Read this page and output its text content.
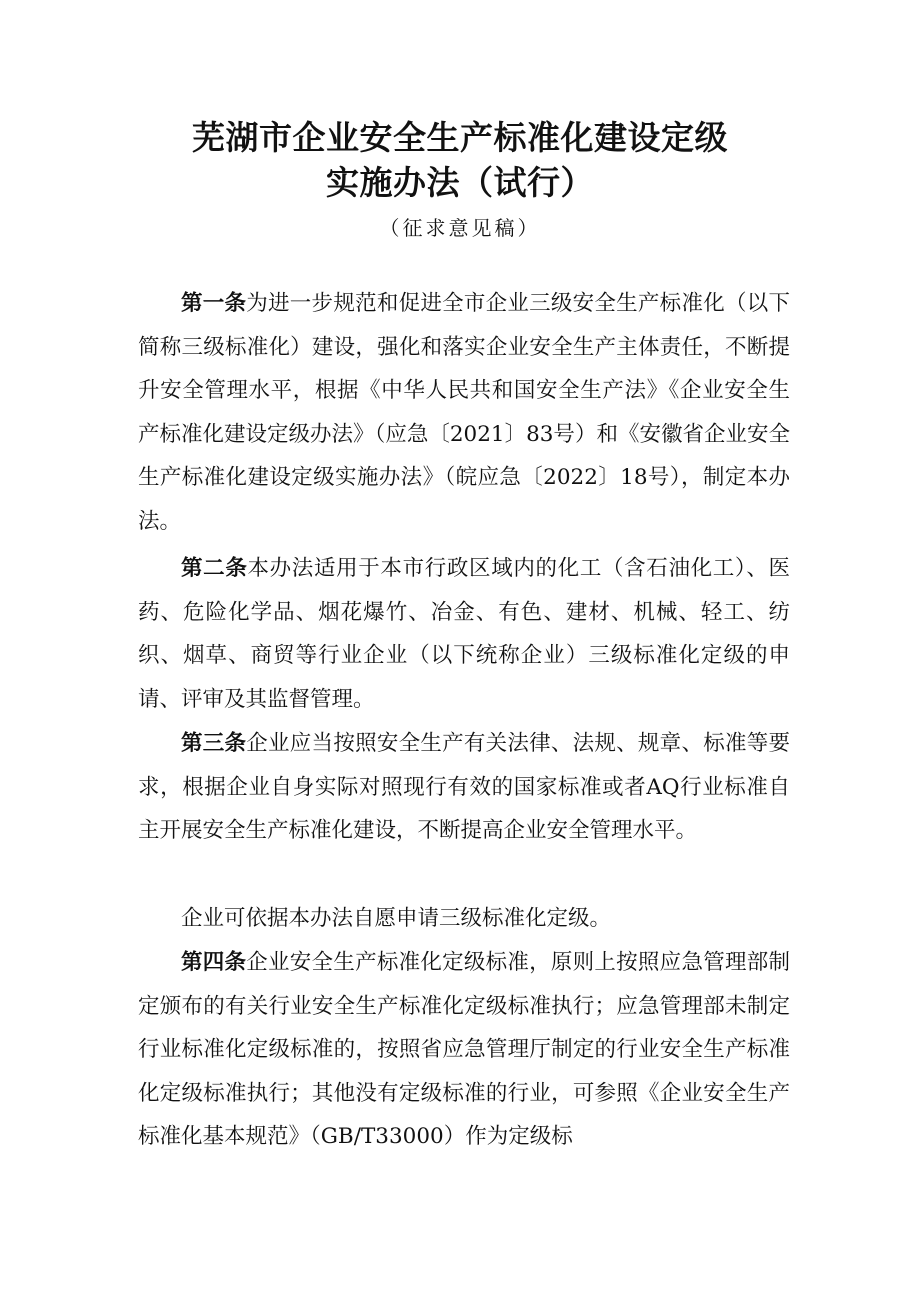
芜湖市企业安全生产标准化建设定级
实施办法（试行）
（征求意见稿）

第一条为进一步规范和促进全市企业三级安全生产标准化（以下简称三级标准化）建设，强化和落实企业安全生产主体责任，不断提升安全管理水平，根据《中华人民共和国安全生产法》《企业安全生产标准化建设定级办法》（应急〔2021〕83号）和《安徽省企业安全生产标准化建设定级实施办法》（皖应急〔2022〕18号），制定本办法。

第二条本办法适用于本市行政区域内的化工（含石油化工）、医药、危险化学品、烟花爆竹、冶金、有色、建材、机械、轻工、纺织、烟草、商贸等行业企业（以下统称企业）三级标准化定级的申请、评审及其监督管理。

第三条企业应当按照安全生产有关法律、法规、规章、标准等要求，根据企业自身实际对照现行有效的国家标准或者AQ行业标准自主开展安全生产标准化建设，不断提高企业安全管理水平。

企业可依据本办法自愿申请三级标准化定级。

第四条企业安全生产标准化定级标准，原则上按照应急管理部制定颁布的有关行业安全生产标准化定级标准执行；应急管理部未制定行业标准化定级标准的，按照省应急管理厅制定的行业安全生产标准化定级标准执行；其他没有定级标准的行业，可参照《企业安全生产标准化基本规范》（GB/T33000）作为定级标
